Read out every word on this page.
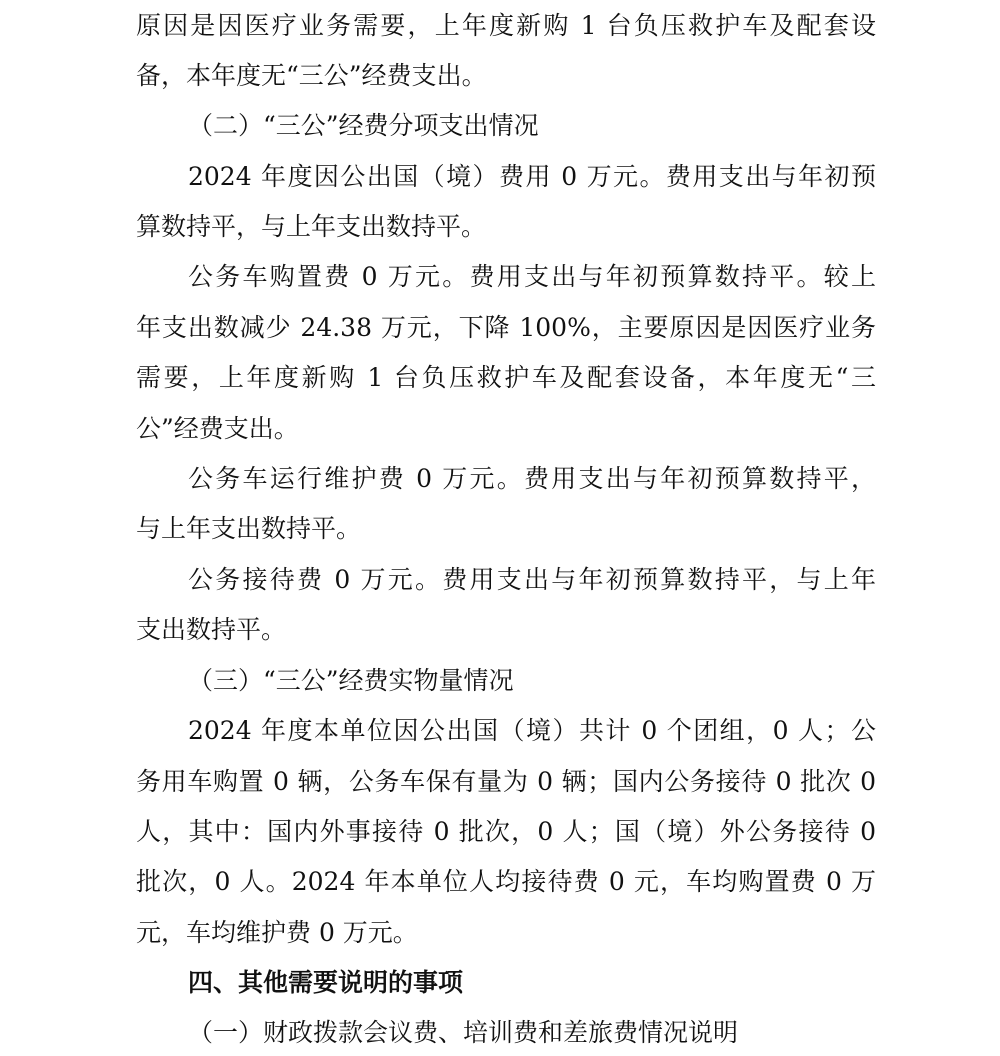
原因是因医疗业务需要，上年度新购 1 台负压救护车及配套设
备，本年度无“三公”经费支出。
（二）“三公”经费分项支出情况
2024 年度因公出国（境）费用 0 万元。费用支出与年初预
算数持平，与上年支出数持平。
公务车购置费 0 万元。费用支出与年初预算数持平。较上
年支出数减少 24.38 万元，下降 100%，主要原因是因医疗业务
需要，上年度新购 1 台负压救护车及配套设备，本年度无“三
公”经费支出。
公务车运行维护费 0 万元。费用支出与年初预算数持平，
与上年支出数持平。
公务接待费 0 万元。费用支出与年初预算数持平，与上年
支出数持平。
（三）“三公”经费实物量情况
2024 年度本单位因公出国（境）共计 0 个团组，0 人；公
务用车购置 0 辆，公务车保有量为 0 辆；国内公务接待 0 批次 0
人，其中：国内外事接待 0 批次，0 人；国（境）外公务接待 0
批次，0 人。2024 年本单位人均接待费 0 元，车均购置费 0 万
元，车均维护费 0 万元。
四、其他需要说明的事项
（一）财政拨款会议费、培训费和差旅费情况说明
